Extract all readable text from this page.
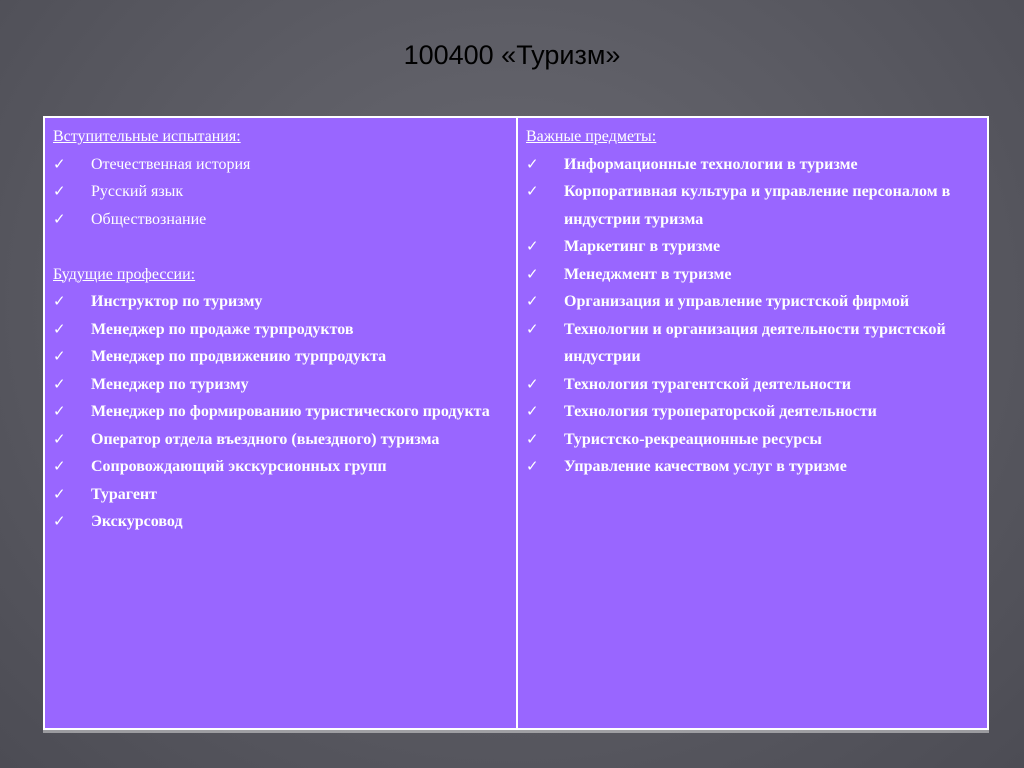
100400 «Туризм»

Вступительные испытания:

✓ Отечественная история
✓ Русский язык
✓ Обществознание

Будущие профессии:

✓ Инструктор по туризму
✓ Менеджер по продаже турпродуктов
✓ Менеджер по продвижению турпродукта
✓ Менеджер по туризму
✓ Менеджер по формированию туристического продукта
✓ Оператор отдела въездного (выездного) туризма
✓ Сопровождающий экскурсионных групп
✓ Турагент
✓ Экскурсовод

Важные предметы:

✓ Информационные технологии в туризме
✓ Корпоративная культура и управление персоналом в индустрии туризма
✓ Маркетинг в туризме
✓ Менеджмент в туризме
✓ Организация и управление туристской фирмой
✓ Технологии и организация деятельности туристской индустрии
✓ Технология турагентской деятельности
✓ Технология туроператорской деятельности
✓ Туристско-рекреационные ресурсы
✓ Управление качеством услуг в туризме
